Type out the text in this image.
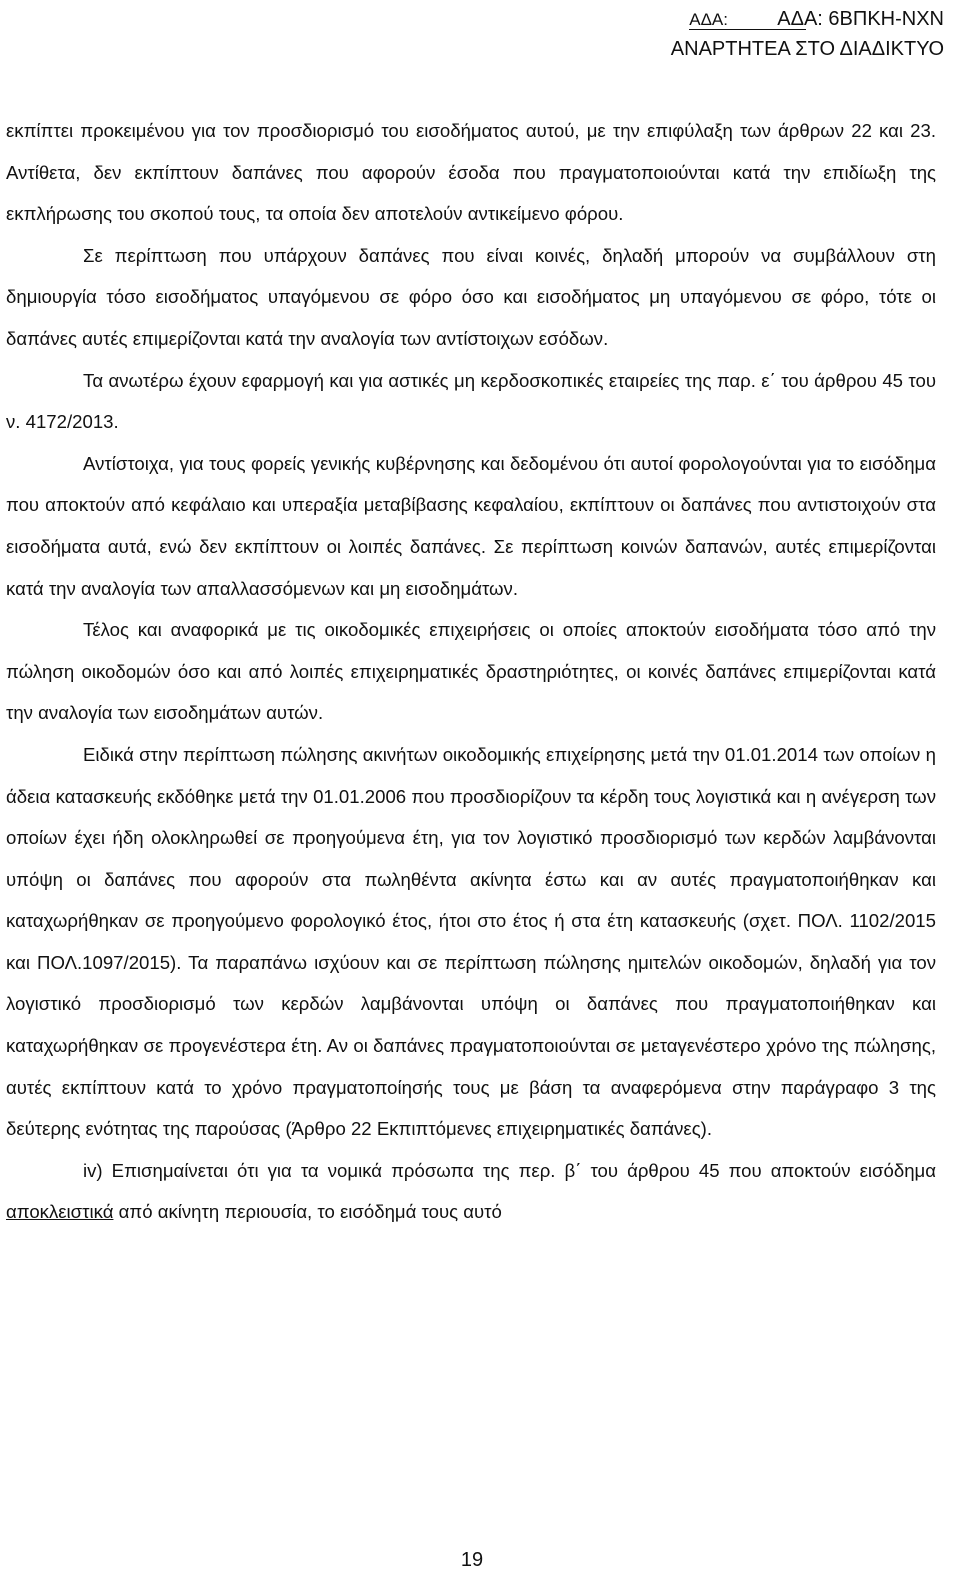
ΑΔΑ:	ΑΔΑ: 6ΒΠΚΗ-ΝΧΝ
ΑΝΑΡΤΗΤΕΑ ΣΤΟ ΔΙΑΔΙΚΤΥΟ

εκπίπτει προκειμένου για τον προσδιορισμό του εισοδήματος αυτού, με την επιφύλαξη των άρθρων 22 και 23. Αντίθετα, δεν εκπίπτουν δαπάνες που αφορούν έσοδα που πραγματοποιούνται κατά την επιδίωξη της εκπλήρωσης του σκοπού τους, τα οποία δεν αποτελούν αντικείμενο φόρου.

Σε περίπτωση που υπάρχουν δαπάνες που είναι κοινές, δηλαδή μπορούν να συμβάλλουν στη δημιουργία τόσο εισοδήματος υπαγόμενου σε φόρο όσο και εισοδήματος μη υπαγόμενου σε φόρο, τότε οι δαπάνες αυτές επιμερίζονται κατά την αναλογία των αντίστοιχων εσόδων.

Τα ανωτέρω έχουν εφαρμογή και για αστικές μη κερδοσκοπικές εταιρείες της παρ. ε΄ του άρθρου 45 του ν. 4172/2013.

Αντίστοιχα, για τους φορείς γενικής κυβέρνησης και δεδομένου ότι αυτοί φορολογούνται για το εισόδημα που αποκτούν από κεφάλαιο και υπεραξία μεταβίβασης κεφαλαίου, εκπίπτουν οι δαπάνες που αντιστοιχούν στα εισοδήματα αυτά, ενώ δεν εκπίπτουν οι λοιπές δαπάνες. Σε περίπτωση κοινών δαπανών, αυτές επιμερίζονται κατά την αναλογία των απαλλασσόμενων και μη εισοδημάτων.

Τέλος και αναφορικά με τις οικοδομικές επιχειρήσεις οι οποίες αποκτούν εισοδήματα τόσο από την πώληση οικοδομών όσο και από λοιπές επιχειρηματικές δραστηριότητες, οι κοινές δαπάνες επιμερίζονται κατά την αναλογία των εισοδημάτων αυτών.

Ειδικά στην περίπτωση πώλησης ακινήτων οικοδομικής επιχείρησης μετά την 01.01.2014 των οποίων η άδεια κατασκευής εκδόθηκε μετά την 01.01.2006 που προσδιορίζουν τα κέρδη τους λογιστικά και η ανέγερση των οποίων έχει ήδη ολοκληρωθεί σε προηγούμενα έτη, για τον λογιστικό προσδιορισμό των κερδών λαμβάνονται υπόψη οι δαπάνες που αφορούν στα πωληθέντα ακίνητα έστω και αν αυτές πραγματοποιήθηκαν και καταχωρήθηκαν σε προηγούμενο φορολογικό έτος, ήτοι στο έτος ή στα έτη κατασκευής (σχετ. ΠΟΛ. 1102/2015 και ΠΟΛ.1097/2015). Τα παραπάνω ισχύουν και σε περίπτωση πώλησης ημιτελών οικοδομών, δηλαδή για τον λογιστικό προσδιορισμό των κερδών λαμβάνονται υπόψη οι δαπάνες που πραγματοποιήθηκαν και καταχωρήθηκαν σε προγενέστερα έτη. Αν οι δαπάνες πραγματοποιούνται σε μεταγενέστερο χρόνο της πώλησης, αυτές εκπίπτουν κατά το χρόνο πραγματοποίησής τους με βάση τα αναφερόμενα στην παράγραφο 3 της δεύτερης ενότητας της παρούσας (Άρθρο 22 Εκπιπτόμενες επιχειρηματικές δαπάνες).

iv) Επισημαίνεται ότι για τα νομικά πρόσωπα της περ. β΄ του άρθρου 45 που αποκτούν εισόδημα αποκλειστικά από ακίνητη περιουσία, το εισόδημά τους αυτό

19
